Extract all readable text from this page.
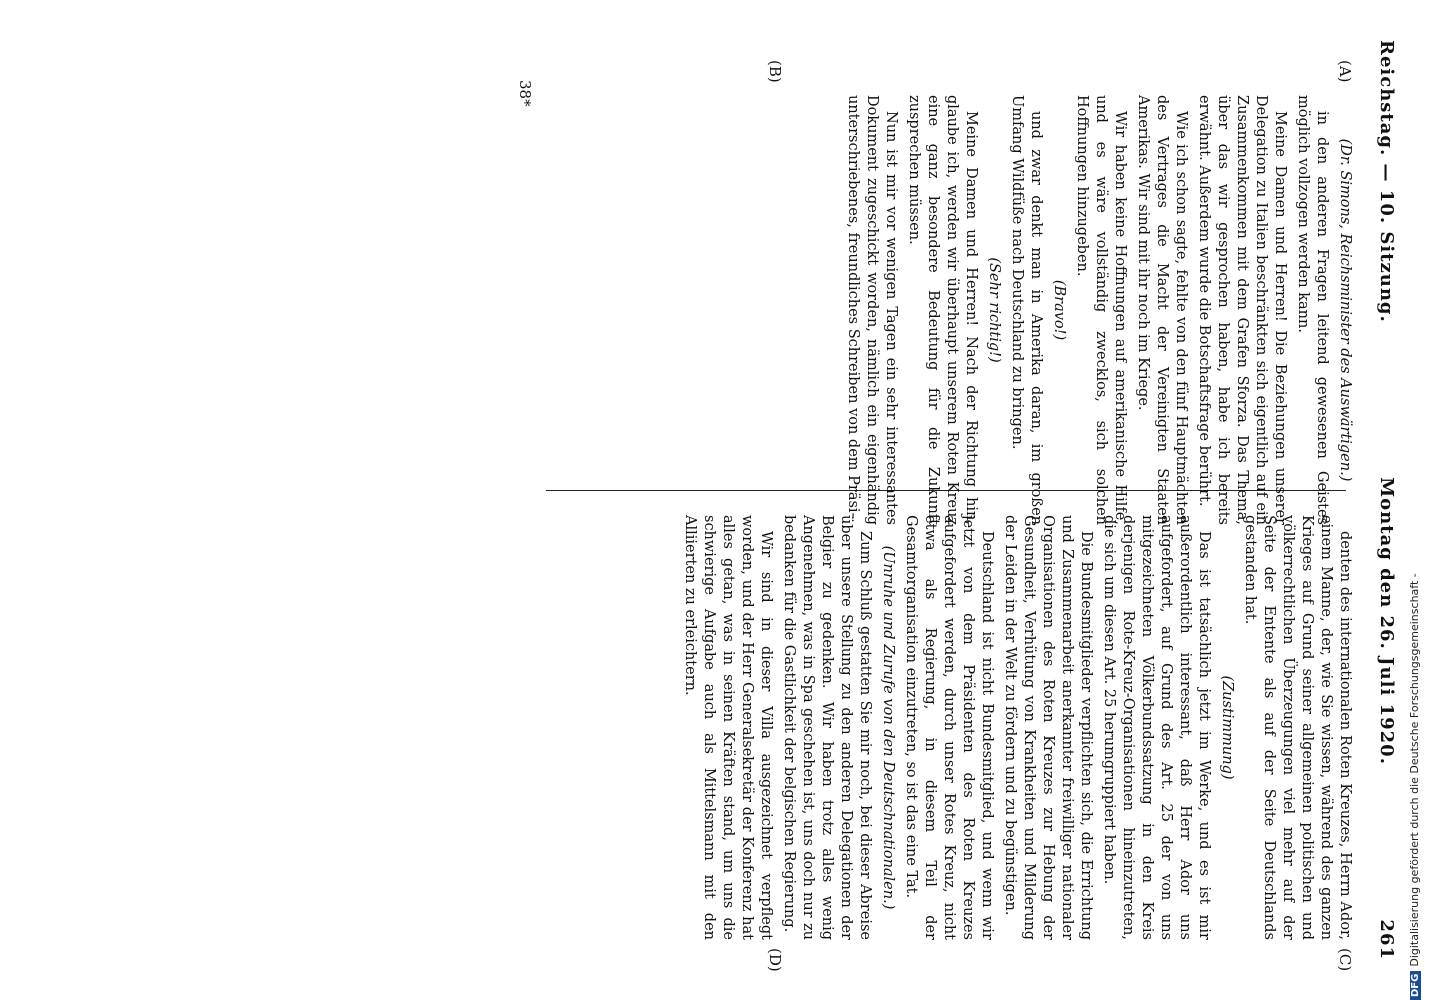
Reichstag. — 10. Sitzung.
Montag den 26. Juli 1920.
261
(A)
(B)
(C)
(D)

(Dr. Simons, Reichsminister des Auswärtigen.)

in den anderen Fragen leitend gewesenen Geistes möglich vollzogen werden kann.

Meine Damen und Herren! Die Beziehungen unserer Delegation zu Italien beschränkten sich eigentlich auf ein Zusammenkommen mit dem Grafen Sforza. Das Thema, über das wir gesprochen haben, habe ich bereits erwähnt. Außerdem wurde die Botschaftsfrage berührt.

Wie ich schon sagte, fehlte von den fünf Hauptmächten des Vertrages die Macht der Vereinigten Staaten Amerikas. Wir sind mit ihr noch im Kriege.

Wir haben keine Hoffnungen auf amerikanische Hilfe, und es wäre vollständig zwecklos, sich solchen Hoffnungen hinzugeben.

(Bravo!)

und zwar denkt man in Amerika daran, im großen Umfang Wildfüße nach Deutschland zu bringen.

(Sehr richtig!)

Meine Damen und Herren! Nach der Richtung hin, glaube ich, werden wir überhaupt unserem Roten Kreuz eine ganz besondere Bedeutung für die Zukunft zusprechen müssen.

Nun ist mir vor wenigen Tagen ein sehr interessantes Dokument zugeschickt worden, nämlich ein eigenhändig unterschriebenes, freundliches Schreiben von dem Präsi-

denten des internationalen Roten Kreuzes, Herrn Ador, einem Manne, der, wie Sie wissen, während des ganzen Krieges auf Grund seiner allgemeinen politischen und völkerrechtlichen Überzeugungen viel mehr auf der Seite der Entente als auf der Seite Deutschlands gestanden hat.

(Zustimmung)

Das ist tatsächlich jetzt im Werke, und es ist mir außerordentlich interessant, daß Herr Ador uns aufgefordert, auf Grund des Art. 25 der von uns mitgezeichneten Völkerbundssatzung in den Kreis derjenigen Rote-Kreuz-Organisationen hineinzutreten, die sich um diesen Art. 25 herumgruppiert haben.

Die Bundesmitglieder verpflichten sich, die Errichtung und Zusammenarbeit anerkannter freiwilliger nationaler Organisationen des Roten Kreuzes zur Hebung der Gesundheit, Verhütung von Krankheiten und Milderung der Leiden in der Welt zu fördern und zu begünstigen.

Deutschland ist nicht Bundesmitglied, und wenn wir jetzt von dem Präsidenten des Roten Kreuzes aufgefordert werden, durch unser Rotes Kreuz, nicht etwa als Regierung, in diesem Teil der Gesamtorganisation einzutreten, so ist das eine Tat.

(Unruhe und Zurufe von den Deutschnationalen.)

Zum Schluß gestatten Sie mir noch, bei dieser Abreise über unsere Stellung zu den anderen Delegationen der Belgier zu gedenken. Wir haben trotz alles wenig Angenehmen, was in Spa geschehen ist, uns doch nur zu bedanken für die Gastlichkeit der belgischen Regierung.

Wir sind in dieser Villa ausgezeichnet verpflegt worden, und der Herr Generalsekretär der Konferenz hat alles getan, was in seinen Kräften stand, um uns die schwierige Aufgabe auch als Mittelsmann mit den Alliierten zu erleichtern.

38*
DFGDigitalisierung gefördert durch die Deutsche Forschungsgemeinschaft -
